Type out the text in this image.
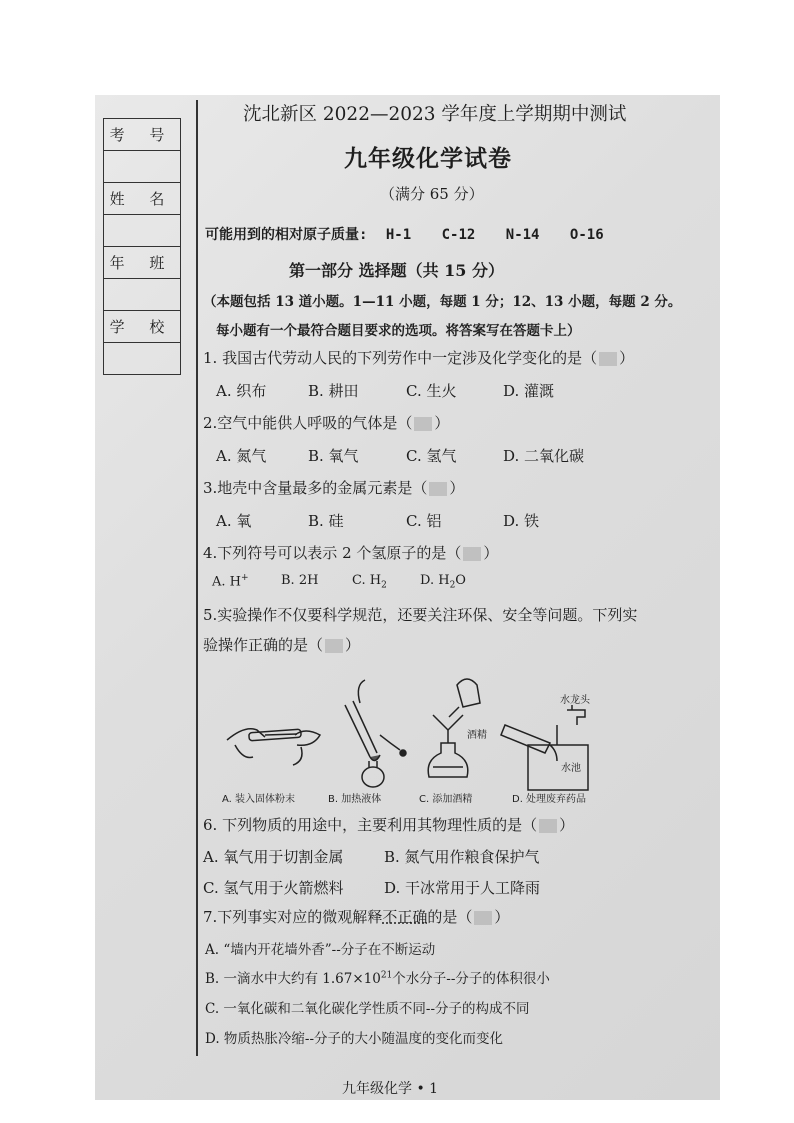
考 号

姓 名

年 班

学 校

沈北新区 2022—2023 学年度上学期期中测试
九年级化学试卷
（满分 65 分）
可能用到的相对原子质量: H-1 C-12 N-14 O-16
第一部分 选择题（共 15 分）
（本题包括 13 道小题。1—11 小题，每题 1 分；12、13 小题，每题 2 分。
每小题有一个最符合题目要求的选项。将答案写在答题卡上）
1. 我国古代劳动人民的下列劳作中一定涉及化学变化的是（ ）
A. 织布	B. 耕田	C. 生火	D. 灌溉
2.空气中能供人呼吸的气体是（ ）
A. 氮气	B. 氧气	C. 氢气	D. 二氧化碳
3.地壳中含量最多的金属元素是（ ）
A. 氧	B. 硅	C. 铝	D. 铁
4.下列符号可以表示 2 个氢原子的是（ ）
A. H+ B. 2H	C. $H_2$	D. $H_2O$
5.实验操作不仅要科学规范，还要关注环保、安全等问题。下列实
验操作正确的是（ ）
酒精
水龙头
水池
A. 装入固体粉末	B. 加热液体	C. 添加酒精	D. 处理废弃药品
6. 下列物质的用途中，主要利用其物理性质的是（ ）
A. 氧气用于切割金属	B. 氮气用作粮食保护气
C. 氢气用于火箭燃料	D. 干冰常用于人工降雨
7.下列事实对应的微观解释不正确的是（ ）
A. “墙内开花墙外香”--分子在不断运动
B. 一滴水中大约有 $1.67\times 10^{21}$个水分子--分子的体积很小
C. 一氧化碳和二氧化碳化学性质不同--分子的构成不同
D. 物质热胀冷缩--分子的大小随温度的变化而变化
九年级化学 • 1
